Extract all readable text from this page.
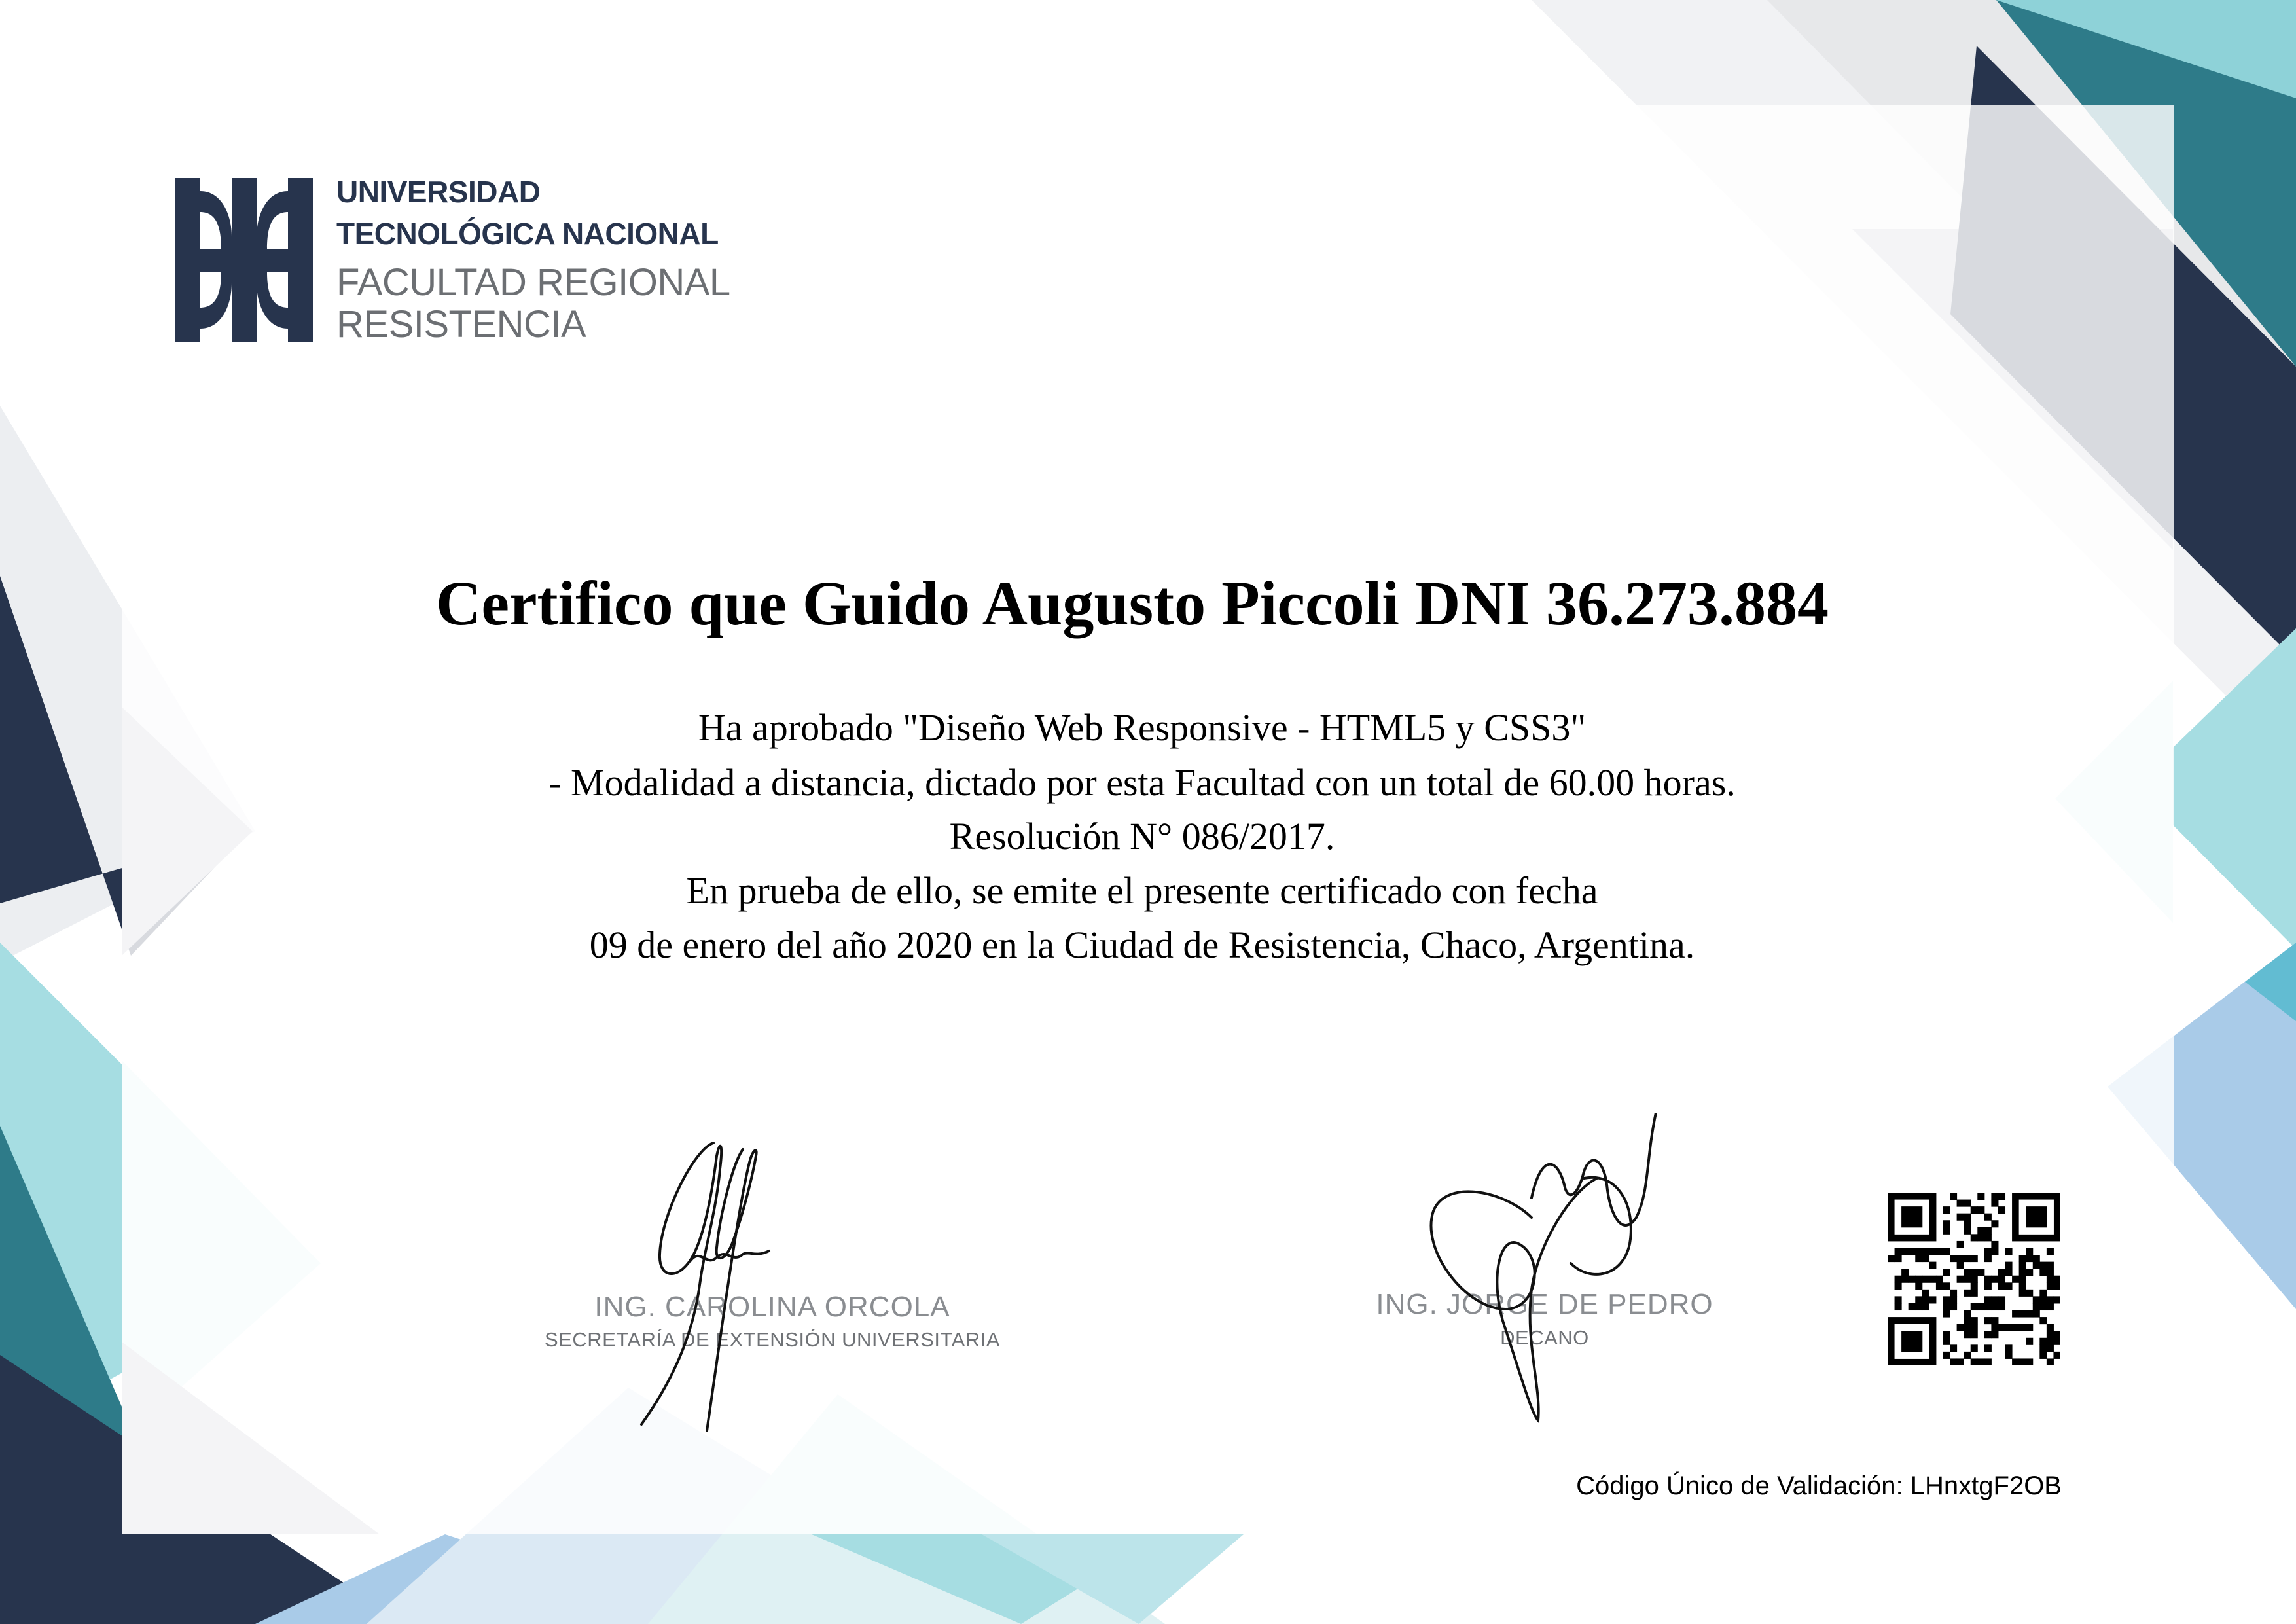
UNIVERSIDAD
TECNOLÓGICA NACIONAL
FACULTAD REGIONAL
RESISTENCIA
Certifico que Guido Augusto Piccoli DNI 36.273.884
Ha aprobado "Diseño Web Responsive - HTML5 y CSS3"
- Modalidad a distancia, dictado por esta Facultad con un total de 60.00 horas.
Resolución N° 086/2017.
En prueba de ello, se emite el presente certificado con fecha
09 de enero del año 2020 en la Ciudad de Resistencia, Chaco, Argentina.
ING. CAROLINA ORCOLA
SECRETARÍA DE EXTENSIÓN UNIVERSITARIA
ING. JORGE DE PEDRO
DECANO
Código Único de Validación: LHnxtgF2OB
